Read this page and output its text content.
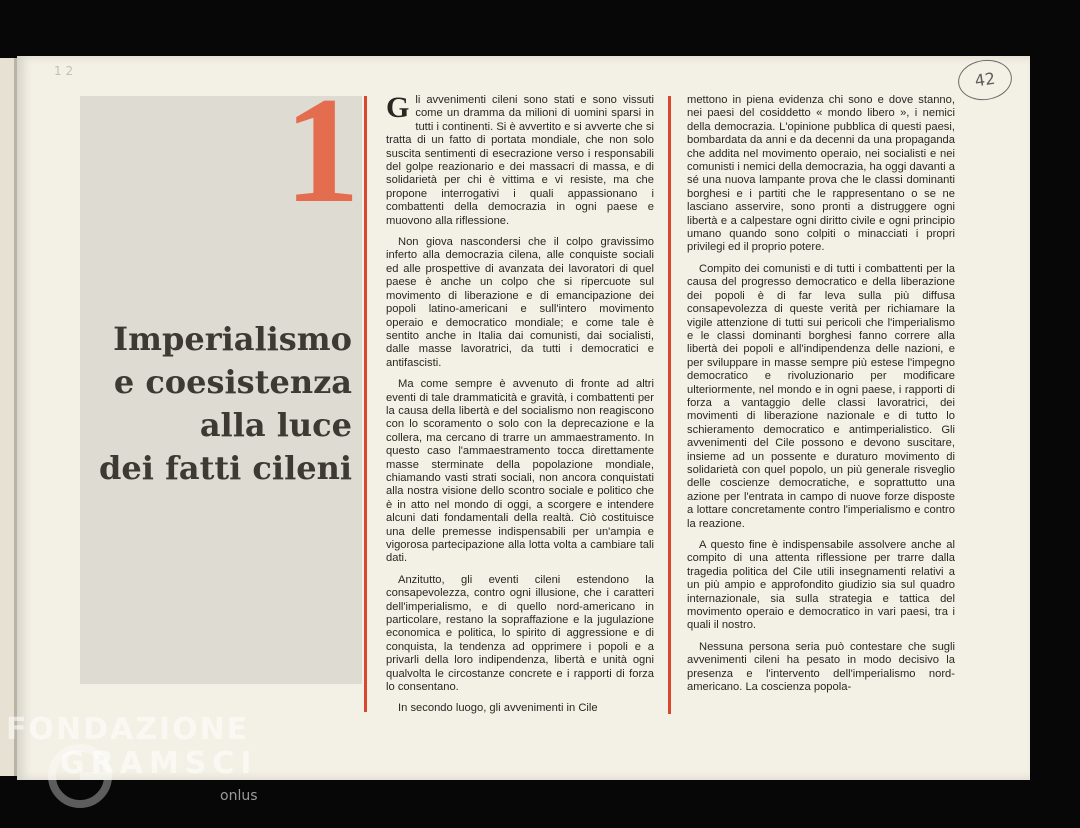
1 2 1
Imperialismo
e coesistenza
alla luce
dei fatti cileni

Gli avvenimenti cileni sono stati e sono vissuti come un dramma da milioni di uomini sparsi in tutti i continenti. Si è avvertito e si avverte che si tratta di un fatto di portata mondiale, che non solo suscita sentimenti di esecrazione verso i responsabili del golpe reazionario e dei massacri di massa, e di solidarietà per chi è vittima e vi resiste, ma che propone interrogativi i quali appassionano i combattenti della democrazia in ogni paese e muovono alla riflessione.

Non giova nascondersi che il colpo gravissimo inferto alla democrazia cilena, alle conquiste sociali ed alle prospettive di avanzata dei lavoratori di quel paese è anche un colpo che si ripercuote sul movimento di liberazione e di emancipazione dei popoli latino-americani e sull'intero movimento operaio e democratico mondiale; e come tale è sentito anche in Italia dai comunisti, dai socialisti, dalle masse lavoratrici, da tutti i democratici e antifascisti.

Ma come sempre è avvenuto di fronte ad altri eventi di tale drammaticità e gravità, i combattenti per la causa della libertà e del socialismo non reagiscono con lo scoramento o solo con la deprecazione e la collera, ma cercano di trarre un ammaestramento. In questo caso l'ammaestramento tocca direttamente masse sterminate della popolazione mondiale, chiamando vasti strati sociali, non ancora conquistati alla nostra visione dello scontro sociale e politico che è in atto nel mondo di oggi, a scorgere e intendere alcuni dati fondamentali della realtà. Ciò costituisce una delle premesse indispensabili per un'ampia e vigorosa partecipazione alla lotta volta a cambiare tali dati.

Anzitutto, gli eventi cileni estendono la consapevolezza, contro ogni illusione, che i caratteri dell'imperialismo, e di quello nord-americano in particolare, restano la sopraffazione e la jugulazione economica e politica, lo spirito di aggressione e di conquista, la tendenza ad opprimere i popoli e a privarli della loro indipendenza, libertà e unità ogni qualvolta le circostanze concrete e i rapporti di forza lo consentano.

In secondo luogo, gli avvenimenti in Cile

mettono in piena evidenza chi sono e dove stanno, nei paesi del cosiddetto « mondo libero », i nemici della democrazia. L'opinione pubblica di questi paesi, bombardata da anni e da decenni da una propaganda che addita nel movimento operaio, nei socialisti e nei comunisti i nemici della democrazia, ha oggi davanti a sé una nuova lampante prova che le classi dominanti borghesi e i partiti che le rappresentano o se ne lasciano asservire, sono pronti a distruggere ogni libertà e a calpestare ogni diritto civile e ogni principio umano quando sono colpiti o minacciati i propri privilegi ed il proprio potere.

Compito dei comunisti e di tutti i combattenti per la causa del progresso democratico e della liberazione dei popoli è di far leva sulla più diffusa consapevolezza di queste verità per richiamare la vigile attenzione di tutti sui pericoli che l'imperialismo e le classi dominanti borghesi fanno correre alla libertà dei popoli e all'indipendenza delle nazioni, e per sviluppare in masse sempre più estese l'impegno democratico e rivoluzionario per modificare ulteriormente, nel mondo e in ogni paese, i rapporti di forza a vantaggio delle classi lavoratrici, dei movimenti di liberazione nazionale e di tutto lo schieramento democratico e antimperialistico. Gli avvenimenti del Cile possono e devono suscitare, insieme ad un possente e duraturo movimento di solidarietà con quel popolo, un più generale risveglio delle coscienze democratiche, e soprattutto una azione per l'entrata in campo di nuove forze disposte a lottare concretamente contro l'imperialismo e contro la reazione.

A questo fine è indispensabile assolvere anche al compito di una attenta riflessione per trarre dalla tragedia politica del Cile utili insegnamenti relativi a un più ampio e approfondito giudizio sia sul quadro internazionale, sia sulla strategia e tattica del movimento operaio e democratico in vari paesi, tra i quali il nostro.

Nessuna persona seria può contestare che sugli avvenimenti cileni ha pesato in modo decisivo la presenza e l'intervento dell'imperialismo nord-americano. La coscienza popola-

42
FONDAZIONE
GRAMSCI
onlus
